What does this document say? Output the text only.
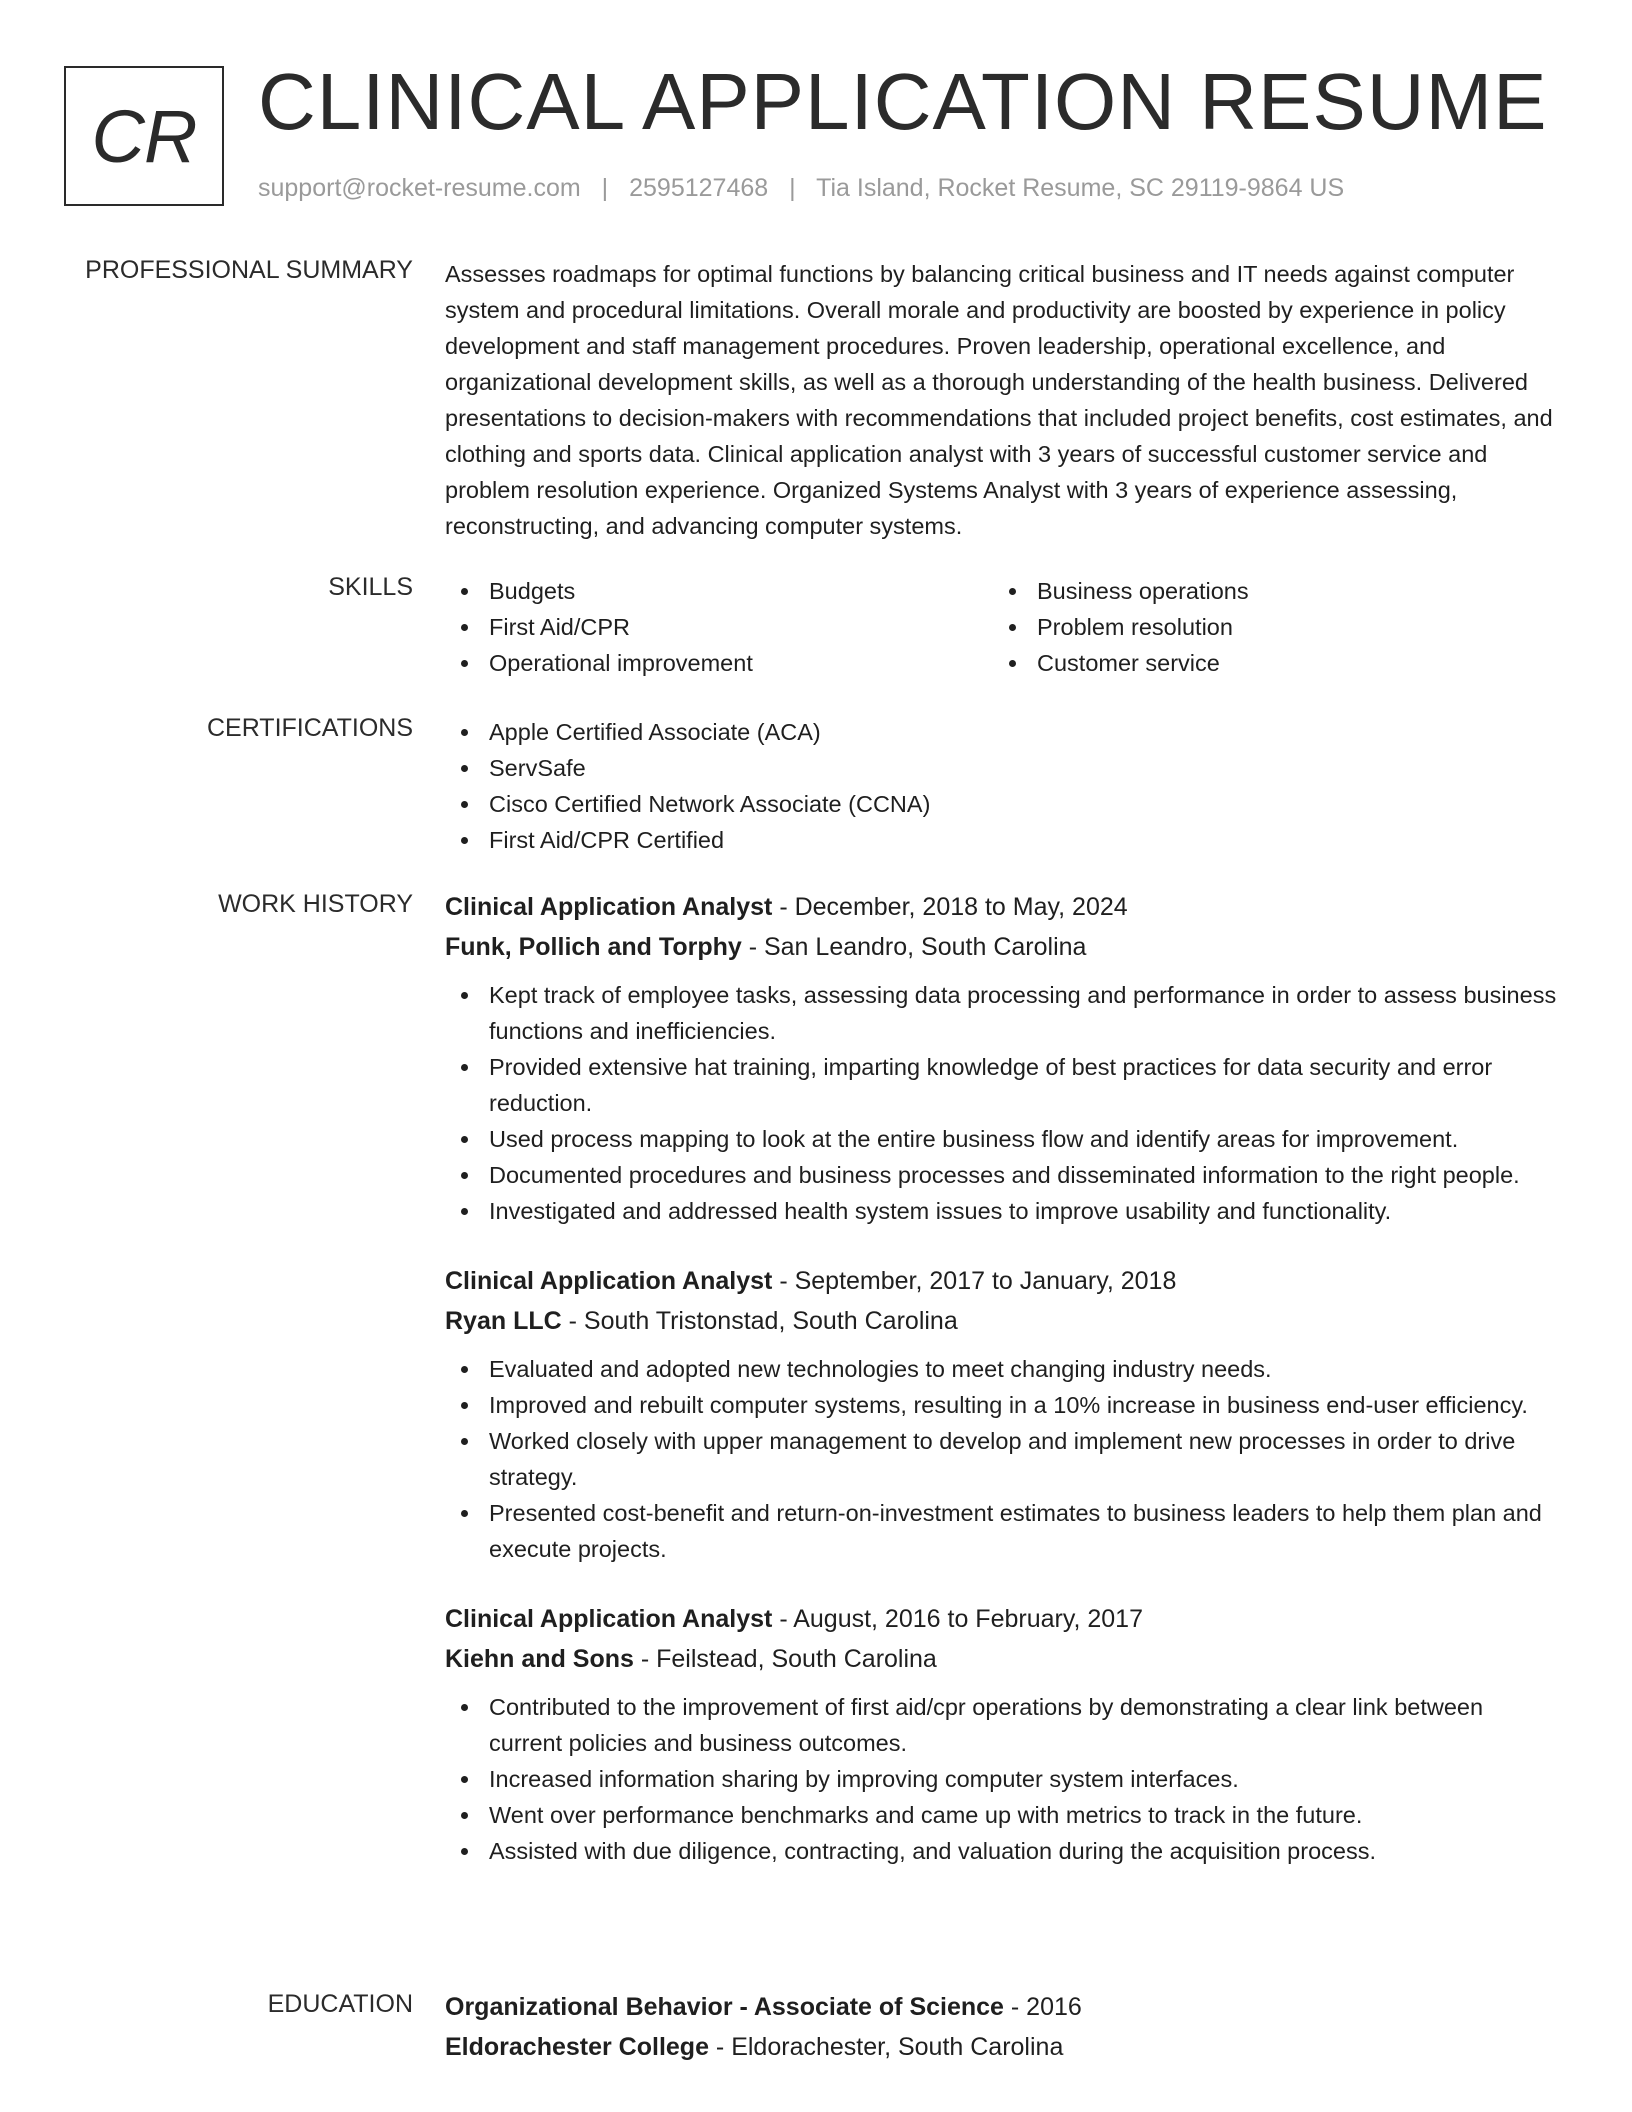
CR CLINICAL APPLICATION RESUME
support@rocket-resume.com | 2595127468 | Tia Island, Rocket Resume, SC 29119-9864 US
PROFESSIONAL SUMMARY Assesses roadmaps for optimal functions by balancing critical business and IT needs against computer system and procedural limitations. Overall morale and productivity are boosted by experience in policy development and staff management procedures. Proven leadership, operational excellence, and organizational development skills, as well as a thorough understanding of the health business. Delivered presentations to decision-makers with recommendations that included project benefits, cost estimates, and clothing and sports data. Clinical application analyst with 3 years of successful customer service and problem resolution experience. Organized Systems Analyst with 3 years of experience assessing, reconstructing, and advancing computer systems.

SKILLS	Budgets
First Aid/CPR
Operational improvement
Business operations
Problem resolution
Customer service
CERTIFICATIONS	Apple Certified Associate (ACA)
ServSafe
Cisco Certified Network Associate (CCNA)
First Aid/CPR Certified
WORK HISTORY Clinical Application Analyst - December, 2018 to May, 2024
Funk, Pollich and Torphy - San Leandro, South Carolina
Kept track of employee tasks, assessing data processing and performance in order to assess business functions and inefficiencies.
Provided extensive hat training, imparting knowledge of best practices for data security and error reduction.
Used process mapping to look at the entire business flow and identify areas for improvement.
Documented procedures and business processes and disseminated information to the right people.
Investigated and addressed health system issues to improve usability and functionality.
Clinical Application Analyst - September, 2017 to January, 2018
Ryan LLC - South Tristonstad, South Carolina
Evaluated and adopted new technologies to meet changing industry needs.
Improved and rebuilt computer systems, resulting in a 10% increase in business end-user efficiency.
Worked closely with upper management to develop and implement new processes in order to drive strategy.
Presented cost-benefit and return-on-investment estimates to business leaders to help them plan and execute projects.
Clinical Application Analyst - August, 2016 to February, 2017
Kiehn and Sons - Feilstead, South Carolina
Contributed to the improvement of first aid/cpr operations by demonstrating a clear link between current policies and business outcomes.
Increased information sharing by improving computer system interfaces.
Went over performance benchmarks and came up with metrics to track in the future.
Assisted with due diligence, contracting, and valuation during the acquisition process.
EDUCATION Organizational Behavior - Associate of Science - 2016
Eldorachester College - Eldorachester, South Carolina
